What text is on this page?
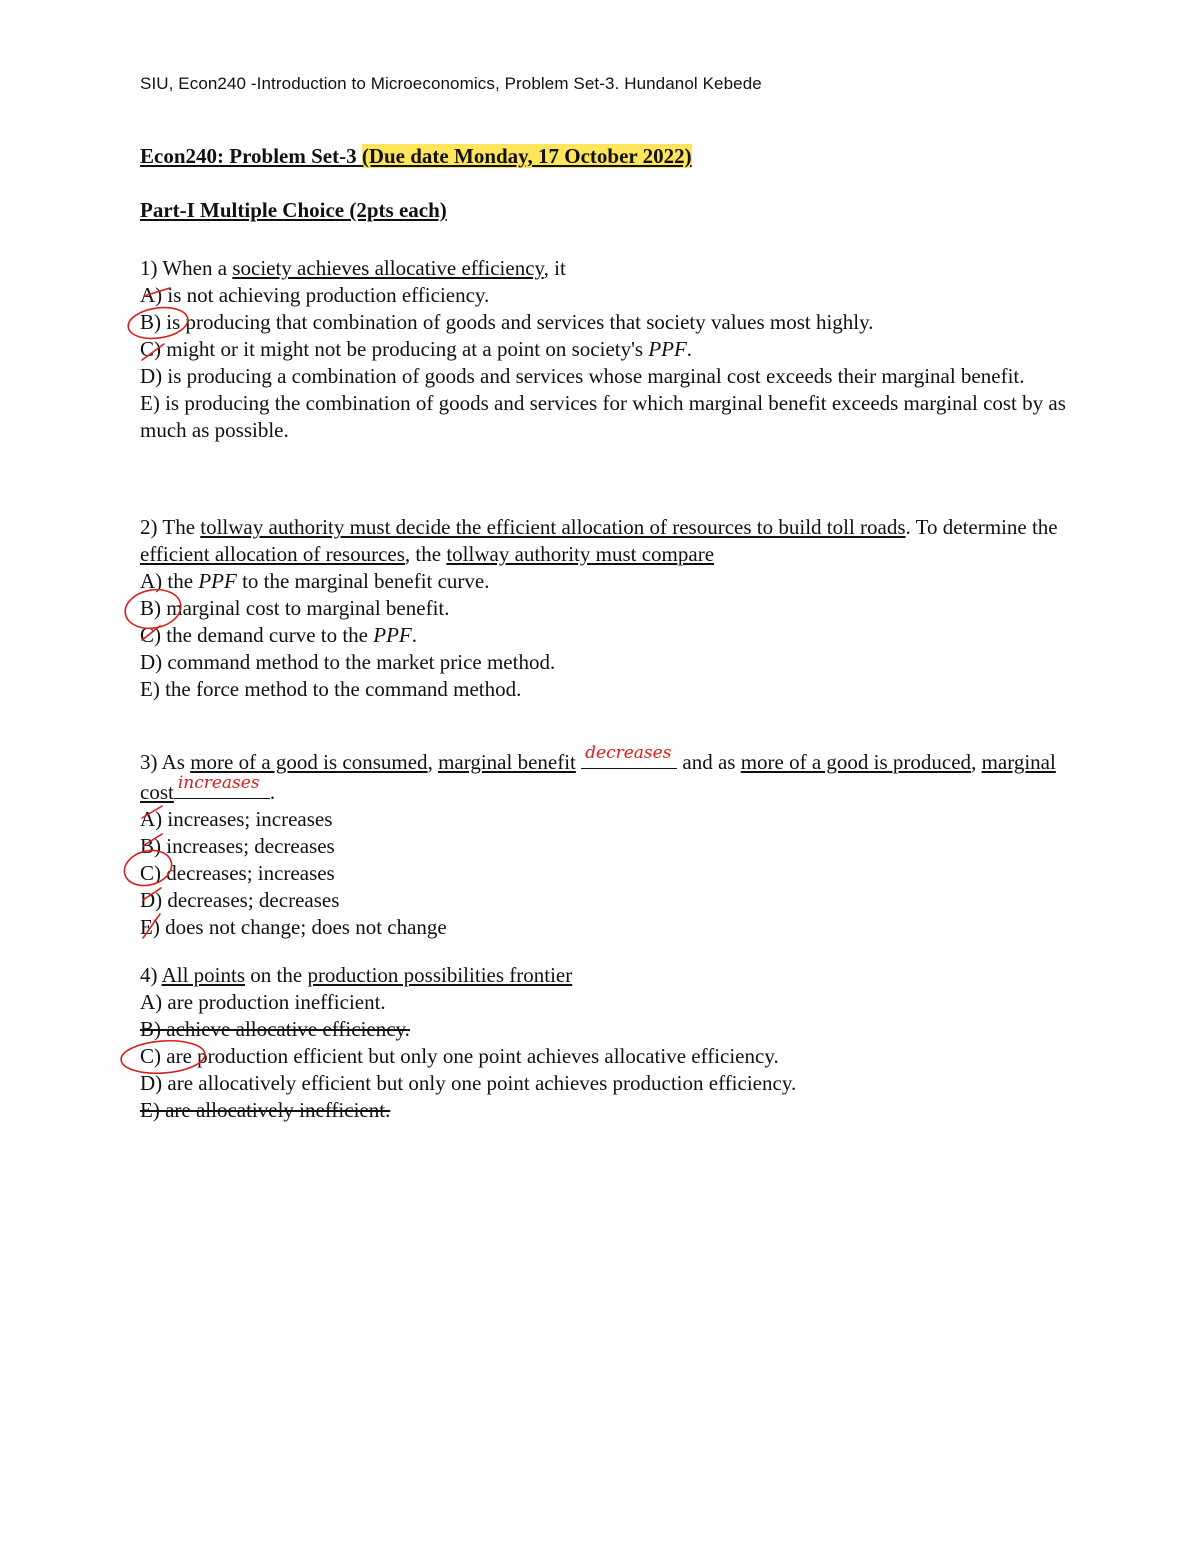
SIU, Econ240 -Introduction to Microeconomics, Problem Set-3. Hundanol Kebede
Econ240: Problem Set-3 (Due date Monday, 17 October 2022)
Part-I Multiple Choice (2pts each)

1) When a society achieves allocative efficiency, it

A) is not achieving production efficiency.

B) is producing that combination of goods and services that society values most highly.

C) might or it might not be producing at a point on society's PPF.

D) is producing a combination of goods and services whose marginal cost exceeds their marginal benefit.

E) is producing the combination of goods and services for which marginal benefit exceeds marginal cost by as much as possible.

2) The tollway authority must decide the efficient allocation of resources to build toll roads. To determine the efficient allocation of resources, the tollway authority must compare

A) the PPF to the marginal benefit curve.

B) marginal cost to marginal benefit.

C) the demand curve to the PPF.

D) command method to the market price method.

E) the force method to the command method.

3) As more of a good is consumed, marginal benefit decreases and as more of a good is produced, marginal cost increases .

A) increases; increases

B) increases; decreases

C) decreases; increases

D) decreases; decreases

E) does not change; does not change

4) All points on the production possibilities frontier

A) are production inefficient.

B) achieve allocative efficiency.

C) are production efficient but only one point achieves allocative efficiency.

D) are allocatively efficient but only one point achieves production efficiency.

E) are allocatively inefficient.
